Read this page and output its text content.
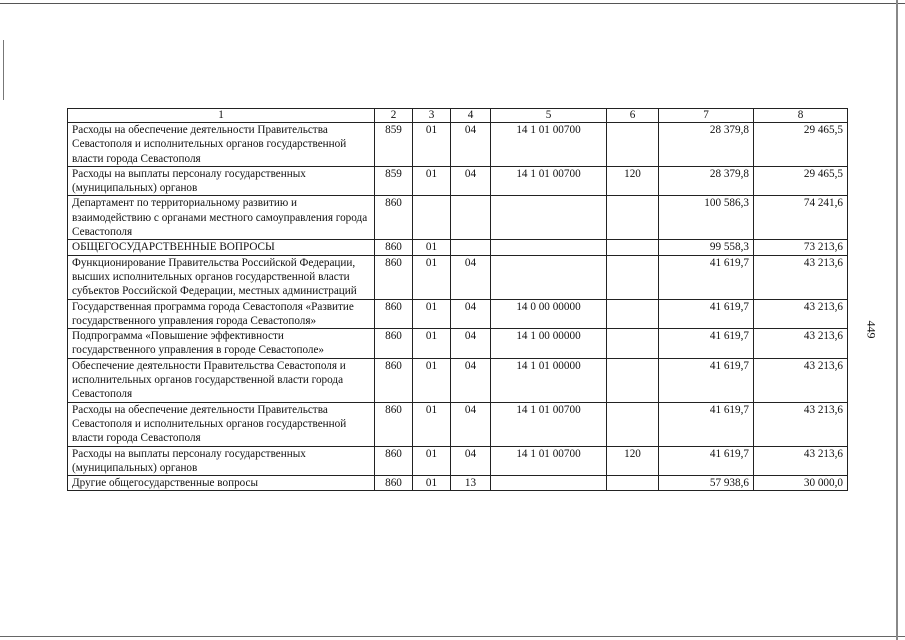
449
1	2	3	4	5	6	7	8
Расходы на обеспечение деятельности Правительства Севастополя и исполнительных органов государственной власти города Севастополя	859	01	04	14 1 01 00700		28 379,8	29 465,5
Расходы на выплаты персоналу государственных (муниципальных) органов	859	01	04	14 1 01 00700	120	28 379,8	29 465,5
Департамент по территориальному развитию и взаимодействию с органами местного самоуправления города Севастополя	860					100 586,3	74 241,6
ОБЩЕГОСУДАРСТВЕННЫЕ ВОПРОСЫ	860	01				99 558,3	73 213,6
Функционирование Правительства Российской Федерации, высших исполнительных органов государственной власти субъектов Российской Федерации, местных администраций	860	01	04			41 619,7	43 213,6
Государственная программа города Севастополя «Развитие государственного управления города Севастополя»	860	01	04	14 0 00 00000		41 619,7	43 213,6
Подпрограмма «Повышение эффективности государственного управления в городе Севастополе»	860	01	04	14 1 00 00000		41 619,7	43 213,6
Обеспечение деятельности Правительства Севастополя и исполнительных органов государственной власти города Севастополя	860	01	04	14 1 01 00000		41 619,7	43 213,6
Расходы на обеспечение деятельности Правительства Севастополя и исполнительных органов государственной власти города Севастополя	860	01	04	14 1 01 00700		41 619,7	43 213,6
Расходы на выплаты персоналу государственных (муниципальных) органов	860	01	04	14 1 01 00700	120	41 619,7	43 213,6
Другие общегосударственные вопросы	860	01	13			57 938,6	30 000,0
